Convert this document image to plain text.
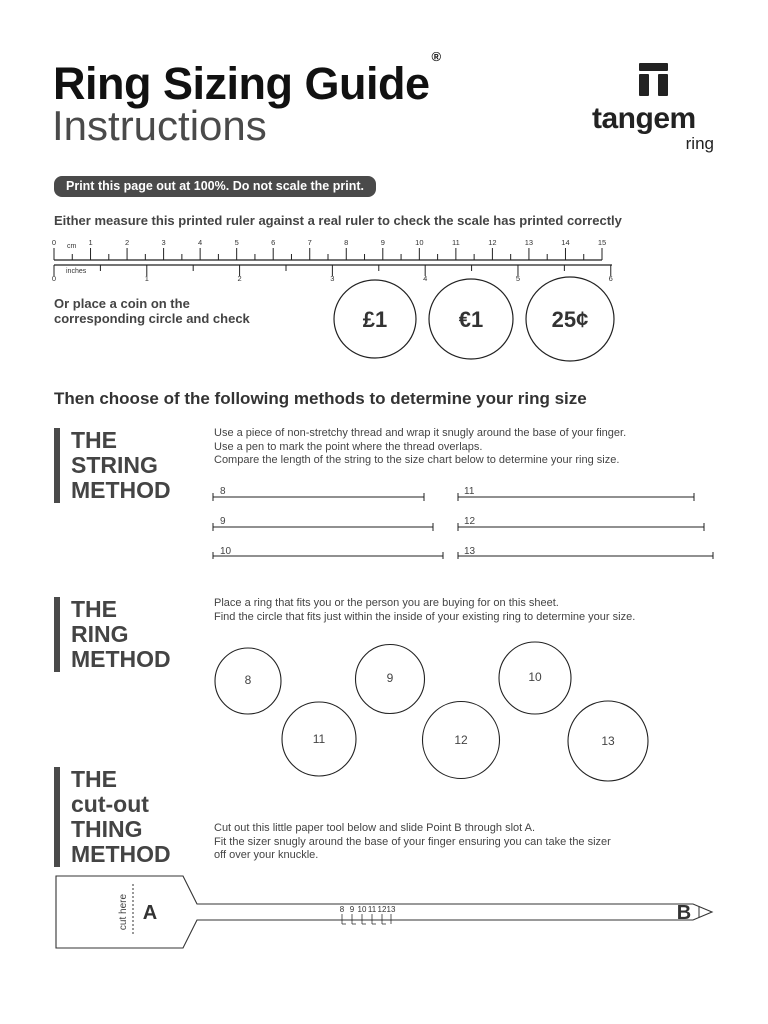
Ring Sizing Guide®
Instructions	tangem
ring
Print this page out at 100%. Do not scale the print.
Either measure this printed ruler against a real ruler to check the scale has printed correctly
0	1	2	3	4	5	6	7	8	9	10	11	12	13	14	15
cm
0	1	2	3	4	5	6
inches
Or place a coin on the
corresponding circle and check	£1	€1	25¢
Then choose of the following methods to determine your ring size
THE
STRING
METHOD
Use a piece of non-stretchy thread and wrap it snugly around the base of your finger.
Use a pen to mark the point where the thread overlaps.
Compare the length of the string to the size chart below to determine your ring size.
8
9
10
11
12
13
THE
RING
METHOD
Place a ring that fits you or the person you are buying for on this sheet.
Find the circle that fits just within the inside of your existing ring to determine your size.
8	9	10
11	12	13
THE
cut-out
THING
METHOD
Cut out this little paper tool below and slide Point B through slot A.
Fit the sizer snugly around the base of your finger ensuring you can take the sizer
off over your knuckle.
cut here A	B
8 9 10 11 12 13
